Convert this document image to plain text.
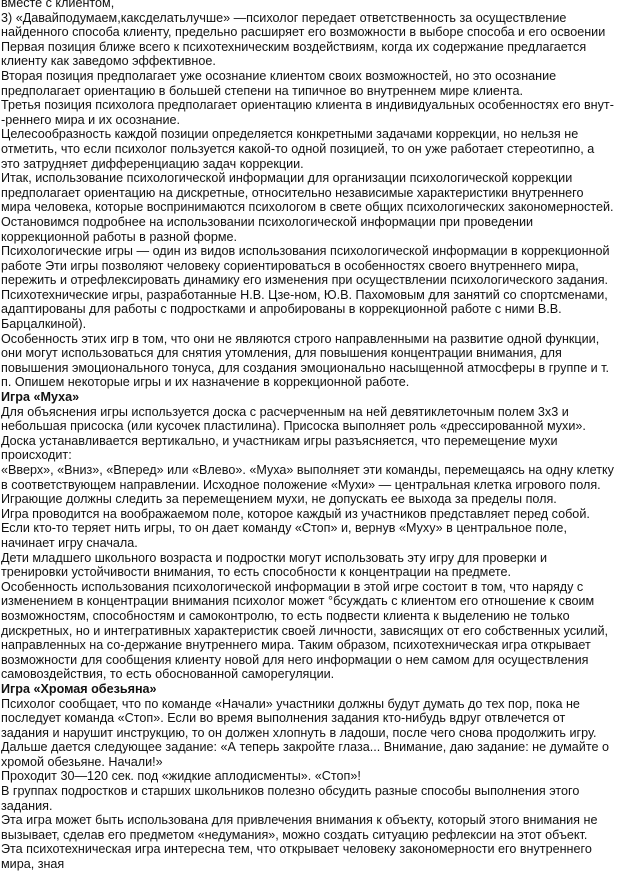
вместе с клиентом,

3) «Давайподумаем,каксделатьлучше» —психолог передает ответственность за осуществление найденного способа клиенту, предельно расширяет его возможности в выборе способа и его освоении

Первая позиция ближе всего к психотехническим воздействиям, когда их содержание предлагается клиенту как заведомо эффективное.

Вторая позиция предполагает уже осознание клиентом своих возможностей, но это осознание предполагает ориентацию в большей степени на типичное во внутреннем мире клиента.

Третья позиция психолога предполагает ориентацию клиента в индивидуальных особенностях его внут- -реннего мира и их осознание.

Целесообразность каждой позиции определяется конкретными задачами коррекции, но нельзя не отметить, что если психолог пользуется какой-то одной позицией, то он уже работает стереотипно, а это затрудняет дифференциацию задач коррекции.

Итак, использование психологической информации для организации психологической коррекции предполагает ориентацию на дискретные, относительно независимые характеристики внутреннего мира человека, которые воспринимаются психологом в свете общих психологических закономерностей.

Остановимся подробнее на использовании психологической информации при проведении коррекционной работы в разной форме.

Психологические игры — один из видов использования психологической информации в коррекционной работе Эти игры позволяют человеку сориентироваться в особенностях своего внутреннего мира, пережить и отрефлексировать динамику его изменения при осуществлении психологического задания.

Психотехнические игры, разработанные Н.В. Цзе-ном, Ю.В. Пахомовым для занятий со спортсменами, адаптированы для работы с подростками и апробированы в коррекционной работе с ними В.В. Барцалкиной).

Особенность этих игр в том, что они не являются строго направленными на развитие одной функции, они могут использоваться для снятия утомления, для повышения концентрации внимания, для повышения эмоционального тонуса, для создания эмоционально насыщенной атмосферы в группе и т. п. Опишем некоторые игры и их назначение в коррекционной работе.

Игра «Муха»

Для объяснения игры используется доска с расчерченным на ней девятиклеточным полем 3х3 и небольшая присоска (или кусочек пластилина). Присоска выполняет роль «дрессированной мухи». Доска устанавливается вертикально, и участникам игры разъясняется, что перемещение мухи происходит:

«Вверх», «Вниз», «Вперед» или «Влево». «Муха» выполняет эти команды, перемещаясь на одну клетку в соответствующем направлении. Исходное положение «Мухи» — центральная клетка игрового поля. Играющие должны следить за перемещением мухи, не допускать ее выхода за пределы поля.

Игра проводится на воображаемом поле, которое каждый из участников представляет перед собой. Если кто-то теряет нить игры, то он дает команду «Стоп» и, вернув «Муху» в центральное поле, начинает игру сначала.

Дети младшего школьного возраста и подростки могут использовать эту игру для проверки и тренировки устойчивости внимания, то есть способности к концентрации на предмете.

Особенность использования психологической информации в этой игре состоит в том, что наряду с изменением в концентрации внимания психолог может °бсуждать с клиентом его отношение к своим возможностям, способностям и самоконтролю, то есть подвести клиента к выделению не только дискретных, но и интегративных характеристик своей личности, зависящих от его собственных усилий, направленных на со-держание внутреннего мира. Таким образом, психотехническая игра открывает возможности для сообщения клиенту новой для него информации о нем самом для осуществления самовоздействия, то есть обоснованной саморегуляции.

Игра «Хромая обезьяна»

Психолог сообщает, что по команде «Начали» участники должны будут думать до тех пор, пока не последует команда «Стоп». Если во время выполнения задания кто-нибудь вдруг отвлечется от задания и нарушит инструкцию, то он должен хлопнуть в ладоши, после чего снова продолжить игру. Дальше дается следующее задание: «А теперь закройте глаза... Внимание, даю задание: не думайте о хромой обезьяне. Начали!»

Проходит 30—120 сек. под «жидкие аплодисменты». «Стоп»!

В группах подростков и старших школьников полезно обсудить разные способы выполнения этого задания.

Эта игра может быть использована для привлечения внимания к объекту, который этого внимания не вызывает, сделав его предметом «недумания», можно создать ситуацию рефлексии на этот объект.

Эта психотехническая игра интересна тем, что открывает человеку закономерности его внутреннего мира, зная
